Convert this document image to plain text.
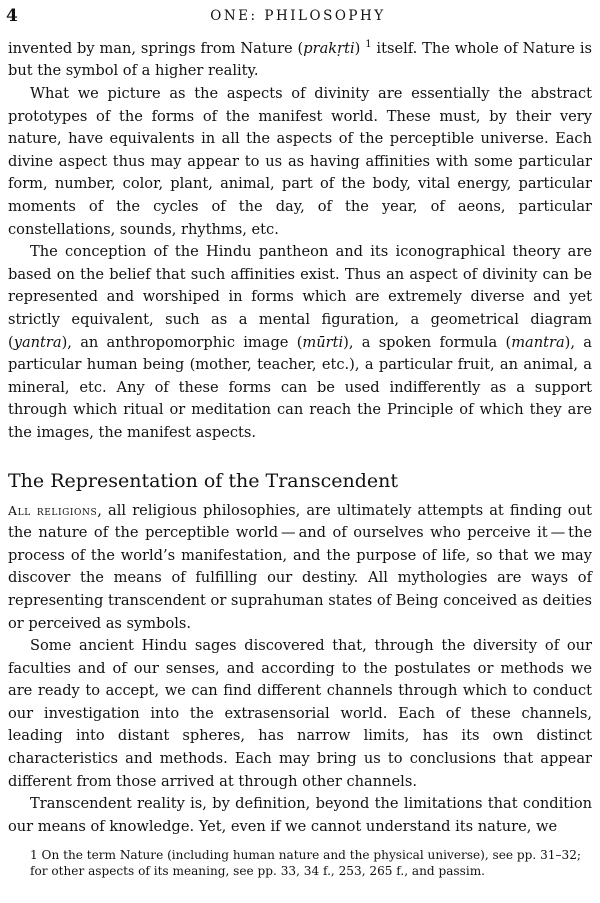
4	ONE: PHILOSOPHY

invented by man, springs from Nature (prakṛti) $^1$ itself. The whole of Nature is but the symbol of a higher reality.

What we picture as the aspects of divinity are essentially the abstract prototypes of the forms of the manifest world. These must, by their very nature, have equivalents in all the aspects of the perceptible universe. Each divine aspect thus may appear to us as having affinities with some particular form, number, color, plant, animal, part of the body, vital energy, particular moments of the cycles of the day, of the year, of aeons, particular constellations, sounds, rhythms, etc.

The conception of the Hindu pantheon and its iconographical theory are based on the belief that such affinities exist. Thus an aspect of divinity can be represented and worshiped in forms which are extremely diverse and yet strictly equivalent, such as a mental figuration, a geometrical diagram (yantra), an anthropomorphic image (mūrti), a spoken formula (mantra), a particular human being (mother, teacher, etc.), a particular fruit, an animal, a mineral, etc. Any of these forms can be used indifferently as a support through which ritual or meditation can reach the Principle of which they are the images, the manifest aspects.

The Representation of the Transcendent

All religions, all religious philosophies, are ultimately attempts at finding out the nature of the perceptible world — and of ourselves who perceive it — the process of the world’s manifestation, and the purpose of life, so that we may discover the means of fulfilling our destiny. All mythologies are ways of representing transcendent or suprahuman states of Being conceived as deities or perceived as symbols.

Some ancient Hindu sages discovered that, through the diversity of our faculties and of our senses, and according to the postulates or methods we are ready to accept, we can find different channels through which to conduct our investigation into the extrasensorial world. Each of these channels, leading into distant spheres, has narrow limits, has its own distinct characteristics and methods. Each may bring us to conclusions that appear different from those arrived at through other channels.

Transcendent reality is, by definition, beyond the limitations that condition our means of knowledge. Yet, even if we cannot understand its nature, we

1 On the term Nature (including human nature and the physical universe), see pp. 31–32; for other aspects of its meaning, see pp. 33, 34 f., 253, 265 f., and passim.
